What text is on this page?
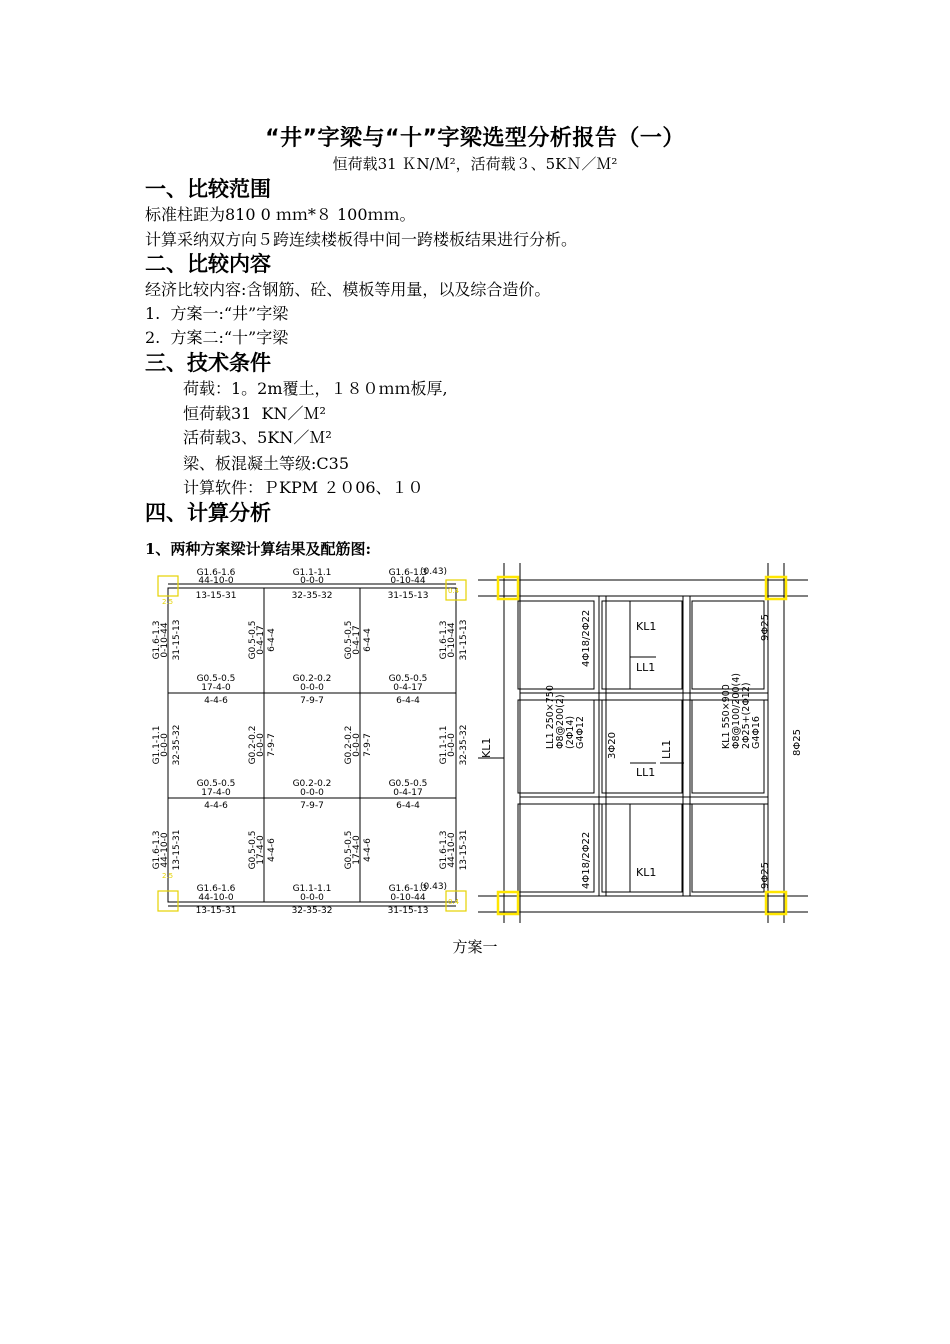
“井”字梁与“十”字梁选型分析报告（一）
恒荷载31 ＫN/Ｍ²，活荷载３、5KＮ／Ｍ²
一、比较范围
标准柱距为810 0 ｍｍ*８ 100ｍｍ。
计算采纳双方向５跨连续楼板得中间一跨楼板结果进行分析。
二、比较内容
经济比较内容:含钢筋、砼、模板等用量，以及综合造价。
1.  方案一:“井”字梁
2.  方案二:“十”字梁
三、技术条件
荷载：1。2m覆土，１８０ｍｍ板厚,
恒荷载31  KN／Ｍ²
活荷载3、5KN／Ｍ²
梁、板混凝土等级:C35
计算软件：ＰKPM ２０06、１０
四、计算分析
1、两种方案梁计算结果及配筋图:
2.5
2.5
0.4
0.4
(0.43)
(0.43)
G1.6-1.6
44-10-0
13-15-31
G1.1-1.1
0-0-0
32-35-32
G1.6-1.3
0-10-44
31-15-13
G1.6-1.6
44-10-0
13-15-31
G1.1-1.1
0-0-0
32-35-32
G1.6-1.3
0-10-44
31-15-13
G0.5-0.5
17-4-0
4-4-6
G0.2-0.2
0-0-0
7-9-7
G0.5-0.5
0-4-17
6-4-4
G0.5-0.5
17-4-0
4-4-6
G0.2-0.2
0-0-0
7-9-7
G0.5-0.5
0-4-17
6-4-4
G1.6-1.3
0-10-44 31-15-13
G1.1-1.1
0-0-0 32-35-32
G1.6-1.3
44-10-0 13-15-31
G1.6-1.3
0-10-44 31-15-13
G1.1-1.1
0-0-0 32-35-32
G1.6-1.3
44-10-0 13-15-31
G0.5-0.5
0-4-17 6-4-4
G0.2-0.2
0-0-0 7-9-7
G0.5-0.5
17-4-0 4-4-6
G0.5-0.5
0-4-17 6-4-4
G0.2-0.2
0-0-0 7-9-7
G0.5-0.5
17-4-0 4-4-6
KL1
LL1
LL1
KL1
KL1	LL1
4Φ18/2Φ22
4Φ18/2Φ22
9Φ25
9Φ25
8Φ25
3Φ20
LL1 250×750 Φ8@200(2) (2Φ14) G4Φ12	KL1 550×900 Φ8@100/200(4) 2Φ25+(2Φ12) G4Φ16
方案一
